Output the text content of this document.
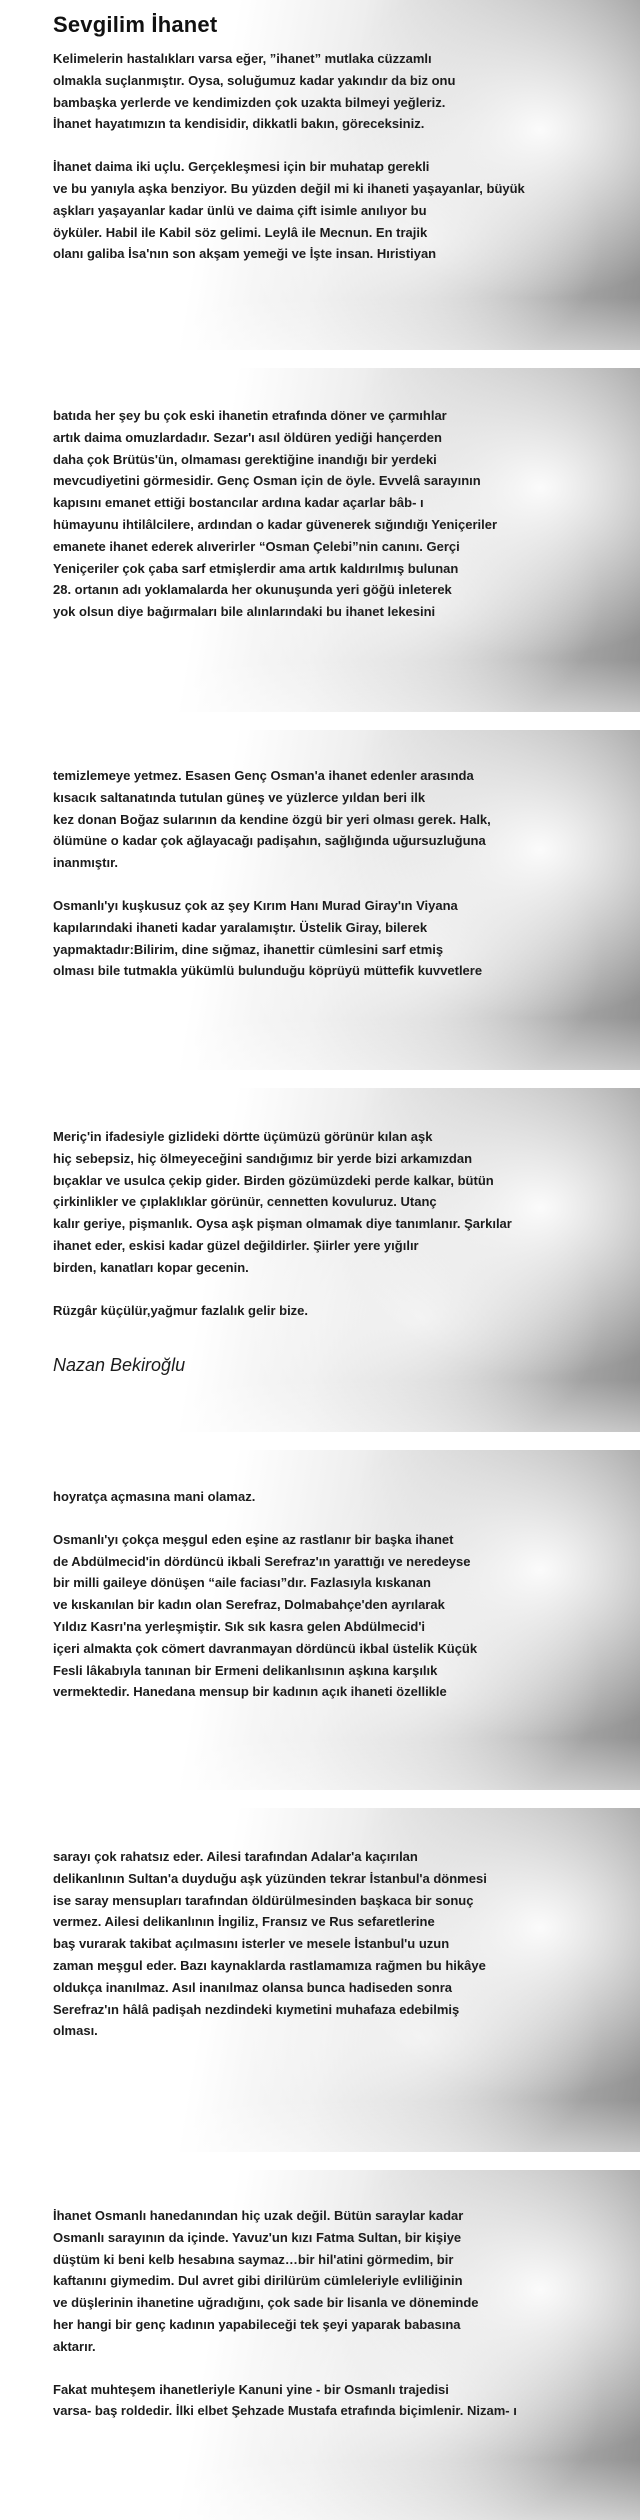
Sevgilim İhanet

Kelimelerin hastalıkları varsa eğer, ”ihanet” mutlaka cüzzamlı
olmakla suçlanmıştır. Oysa, soluğumuz kadar yakındır da biz onu
bambaşka yerlerde ve kendimizden çok uzakta bilmeyi yeğleriz.
İhanet hayatımızın ta kendisidir, dikkatli bakın, göreceksiniz.

İhanet daima iki uçlu. Gerçekleşmesi için bir muhatap gerekli
ve bu yanıyla aşka benziyor. Bu yüzden değil mi ki ihaneti yaşayanlar, büyük
aşkları yaşayanlar kadar ünlü ve daima çift isimle anılıyor bu
öyküler. Habil ile Kabil söz gelimi. Leylâ ile Mecnun. En trajik
olanı galiba İsa'nın son akşam yemeği ve İşte insan. Hıristiyan

batıda her şey bu çok eski ihanetin etrafında döner ve çarmıhlar
artık daima omuzlardadır. Sezar'ı asıl öldüren yediği hançerden
daha çok Brütüs'ün, olmaması gerektiğine inandığı bir yerdeki
mevcudiyetini görmesidir. Genç Osman için de öyle. Evvelâ sarayının
kapısını emanet ettiği bostancılar ardına kadar açarlar bâb- ı
hümayunu ihtilâlcilere, ardından o kadar güvenerek sığındığı Yeniçeriler
emanete ihanet ederek alıverirler “Osman Çelebi”nin canını. Gerçi
Yeniçeriler çok çaba sarf etmişlerdir ama artık kaldırılmış bulunan
28. ortanın adı yoklamalarda her okunuşunda yeri göğü inleterek
yok olsun diye bağırmaları bile alınlarındaki bu ihanet lekesini

temizlemeye yetmez. Esasen Genç Osman'a ihanet edenler arasında
kısacık saltanatında tutulan güneş ve yüzlerce yıldan beri ilk
kez donan Boğaz sularının da kendine özgü bir yeri olması gerek. Halk,
ölümüne o kadar çok ağlayacağı padişahın, sağlığında uğursuzluğuna
inanmıştır.

Osmanlı'yı kuşkusuz çok az şey Kırım Hanı Murad Giray'ın Viyana
kapılarındaki ihaneti kadar yaralamıştır. Üstelik Giray, bilerek
yapmaktadır:Bilirim, dine sığmaz, ihanettir cümlesini sarf etmiş
olması bile tutmakla yükümlü bulunduğu köprüyü müttefik kuvvetlere

Meriç'in ifadesiyle gizlideki dörtte üçümüzü görünür kılan aşk
hiç sebepsiz, hiç ölmeyeceğini sandığımız bir yerde bizi arkamızdan
bıçaklar ve usulca çekip gider. Birden gözümüzdeki perde kalkar, bütün
çirkinlikler ve çıplaklıklar görünür, cennetten kovuluruz. Utanç
kalır geriye, pişmanlık. Oysa aşk pişman olmamak diye tanımlanır. Şarkılar
ihanet eder, eskisi kadar güzel değildirler. Şiirler yere yığılır
birden, kanatları kopar gecenin.

Rüzgâr küçülür,yağmur fazlalık gelir bize.

Nazan Bekiroğlu

hoyratça açmasına mani olamaz.

Osmanlı'yı çokça meşgul eden eşine az rastlanır bir başka ihanet
de Abdülmecid'in dördüncü ikbali Serefraz'ın yarattığı ve neredeyse
bir milli gaileye dönüşen “aile faciası”dır. Fazlasıyla kıskanan
ve kıskanılan bir kadın olan Serefraz, Dolmabahçe'den ayrılarak
Yıldız Kasrı'na yerleşmiştir. Sık sık kasra gelen Abdülmecid'i
içeri almakta çok cömert davranmayan dördüncü ikbal üstelik Küçük
Fesli lâkabıyla tanınan bir Ermeni delikanlısının aşkına karşılık
vermektedir. Hanedana mensup bir kadının açık ihaneti özellikle

sarayı çok rahatsız eder. Ailesi tarafından Adalar'a kaçırılan
delikanlının Sultan'a duyduğu aşk yüzünden tekrar İstanbul'a dönmesi
ise saray mensupları tarafından öldürülmesinden başkaca bir sonuç
vermez. Ailesi delikanlının İngiliz, Fransız ve Rus sefaretlerine
baş vurarak takibat açılmasını isterler ve mesele İstanbul'u uzun
zaman meşgul eder. Bazı kaynaklarda rastlamamıza rağmen bu hikâye
oldukça inanılmaz. Asıl inanılmaz olansa bunca hadiseden sonra
Serefraz'ın hâlâ padişah nezdindeki kıymetini muhafaza edebilmiş
olması.

İhanet Osmanlı hanedanından hiç uzak değil. Bütün saraylar kadar
Osmanlı sarayının da içinde. Yavuz'un kızı Fatma Sultan, bir kişiye
düştüm ki beni kelb hesabına saymaz…bir hil'atini görmedim, bir
kaftanını giymedim. Dul avret gibi dirilürüm cümleleriyle evliliğinin
ve düşlerinin ihanetine uğradığını, çok sade bir lisanla ve döneminde
her hangi bir genç kadının yapabileceği tek şeyi yaparak babasına
aktarır.

Fakat muhteşem ihanetleriyle Kanuni yine - bir Osmanlı trajedisi
varsa- baş roldedir. İlki elbet Şehzade Mustafa etrafında biçimlenir. Nizam- ı
